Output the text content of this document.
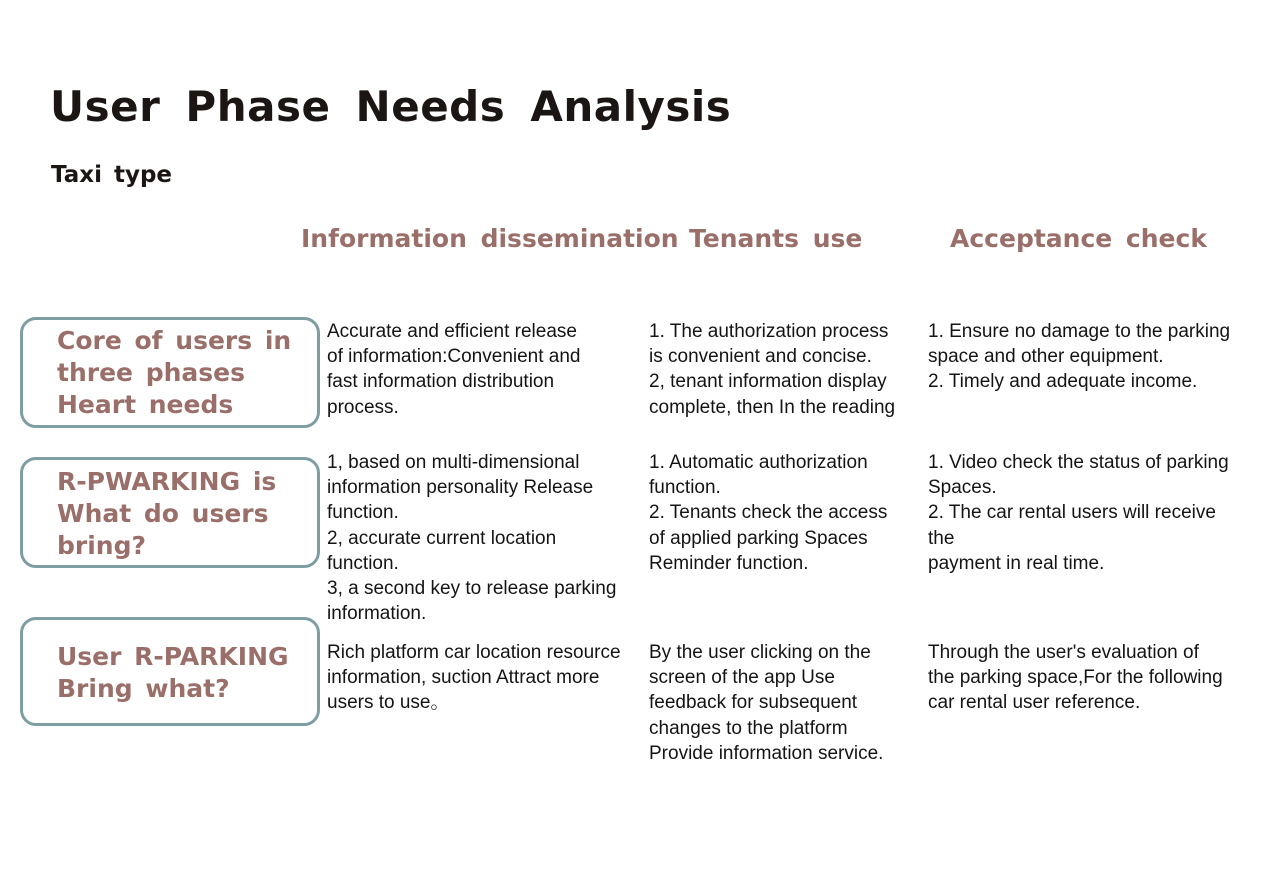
User Phase Needs Analysis
Taxi type
Information dissemination Tenants use	Acceptance check
Core of users in
three phases
Heart needs
Accurate and efficient release
of information:Convenient and
fast information distribution
process.
1. The authorization process
is convenient and concise.
2, tenant information display
complete, then In the reading
1. Ensure no damage to the parking
space and other equipment.
2. Timely and adequate income.
R-PWARKING is
What do users
bring?
1, based on multi-dimensional
information personality Release
function.
2, accurate current location
function.
3, a second key to release parking
information.
1. Automatic authorization
function.
2. Tenants check the access
of applied parking Spaces
Reminder function.
1. Video check the status of parking
Spaces.
2. The car rental users will receive
the
payment in real time.
User R-PARKING
Bring what?
Rich platform car location resource
information, suction Attract more
users to use。
By the user clicking on the
screen of the app Use
feedback for subsequent
changes to the platform
Provide information service.
Through the user's evaluation of
the parking space,For the following
car rental user reference.
